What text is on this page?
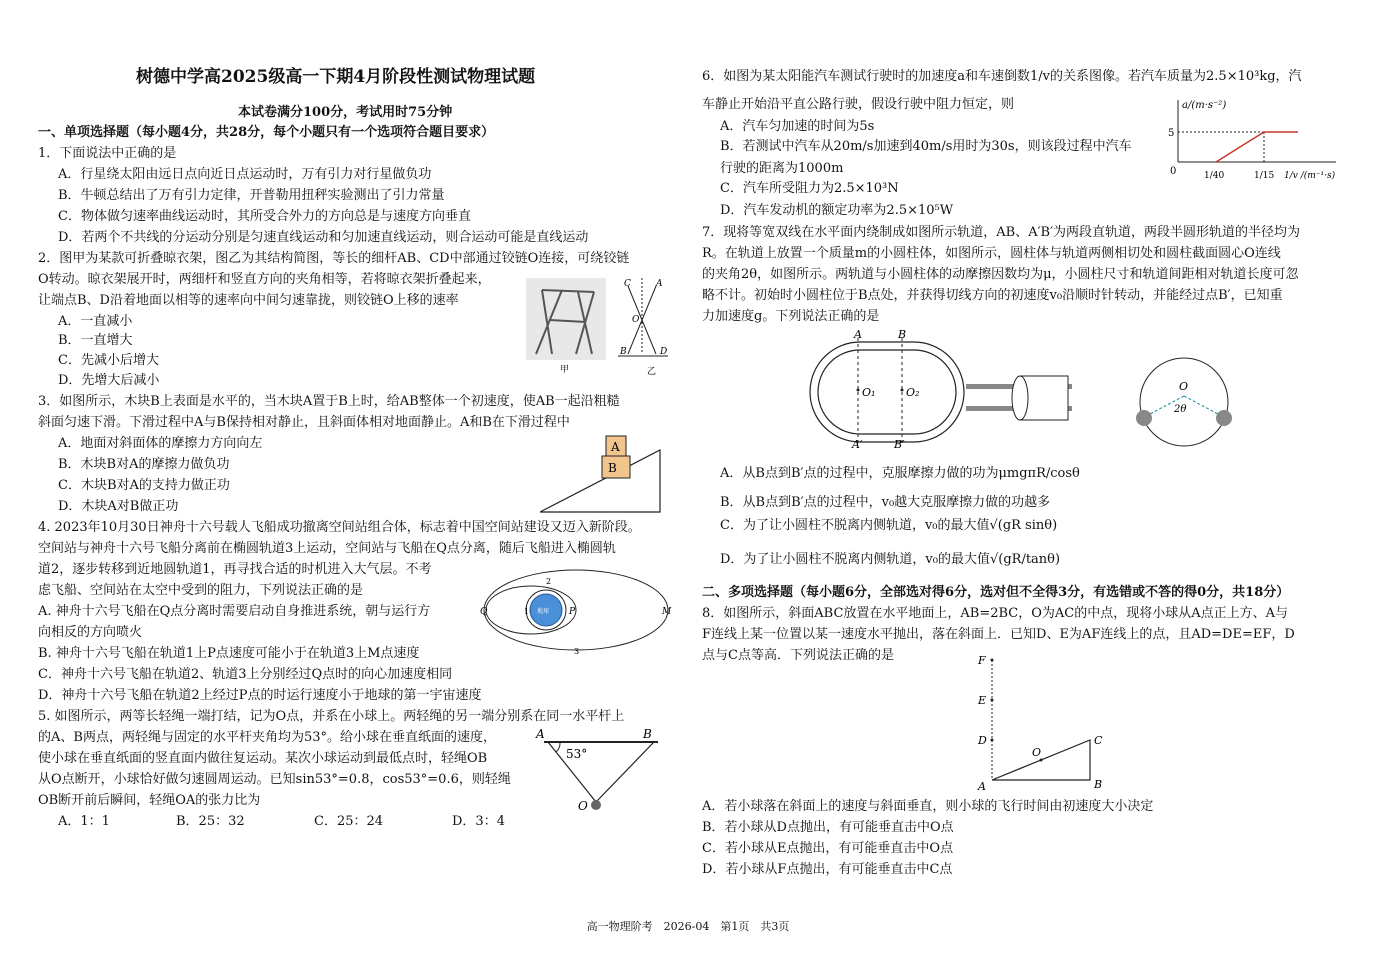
树德中学高2025级高一下期4月阶段性测试物理试题
本试卷满分100分，考试用时75分钟
一、单项选择题（每小题4分，共28分，每个小题只有一个选项符合题目要求）
1．下面说法中正确的是
A．行星绕太阳由远日点向近日点运动时，万有引力对行星做负功
B．牛顿总结出了万有引力定律，开普勒用扭秤实验测出了引力常量
C．物体做匀速率曲线运动时，其所受合外力的方向总是与速度方向垂直
D．若两个不共线的分运动分别是匀速直线运动和匀加速直线运动，则合运动可能是直线运动
2．图甲为某款可折叠晾衣架，图乙为其结构简图，等长的细杆AB、CD中部通过铰链O连接，可绕铰链
O转动。晾衣架展开时，两细杆和竖直方向的夹角相等，若将晾衣架折叠起来，
让端点B、D沿着地面以相等的速率向中间匀速靠拢，则铰链O上移的速率
A．一直减小
B．一直增大
C．先减小后增大
D．先增大后减小
甲	乙
C	A
O
B	D
3．如图所示，木块B上表面是水平的，当木块A置于B上时，给AB整体一个初速度，使AB一起沿粗糙
斜面匀速下滑。下滑过程中A与B保持相对静止，且斜面体相对地面静止。A和B在下滑过程中
A．地面对斜面体的摩擦力方向向左
B．木块B对A的摩擦力做负功
C．木块B对A的支持力做正功
D．木块A对B做正功
A
B
4. 2023年10月30日神舟十六号载人飞船成功撤离空间站组合体，标志着中国空间站建设又迈入新阶段。
空间站与神舟十六号飞船分离前在椭圆轨道3上运动，空间站与飞船在Q点分离，随后飞船进入椭圆轨
道2，逐步转移到近地圆轨道1，再寻找合适的时机进入大气层。不考
虑飞船、空间站在太空中受到的阻力，下列说法正确的是
A. 神舟十六号飞船在Q点分离时需要启动自身推进系统，朝与运行方
向相反的方向喷火
B. 神舟十六号飞船在轨道1上P点速度可能小于在轨道3上M点速度
C．神舟十六号飞船在轨道2、轨道3上分别经过Q点时的向心加速度相同
D．神舟十六号飞船在轨道2上经过P点的时运行速度小于地球的第一宇宙速度
Q	1 地球 P	M
2
3
5. 如图所示，两等长轻绳一端打结，记为O点，并系在小球上。两轻绳的另一端分别系在同一水平杆上
的A、B两点，两轻绳与固定的水平杆夹角均为53°。给小球在垂直纸面的速度，
使小球在垂直纸面的竖直面内做往复运动。某次小球运动到最低点时，轻绳OB
从O点断开，小球恰好做匀速圆周运动。已知sin53°=0.8，cos53°=0.6，则轻绳
OB断开前后瞬间，轻绳OA的张力比为
A．1：1	B．25：32	C．25：24	D．3：4
A	B
53°
O
6．如图为某太阳能汽车测试行驶时的加速度a和车速倒数1/v的关系图像。若汽车质量为2.5×10³kg，汽
车静止开始沿平直公路行驶，假设行驶中阻力恒定，则
A．汽车匀加速的时间为5s
B．若测试中汽车从20m/s加速到40m/s用时为30s，则该段过程中汽车
行驶的距离为1000m
C．汽车所受阻力为2.5×10³N
D．汽车发动机的额定功率为2.5×10⁵W
a/(m·s⁻²)
5
0	1/40	1/15 1/v /(m⁻¹·s)
7．现将等宽双线在水平面内绕制成如图所示轨道，AB、A′B′为两段直轨道，两段半圆形轨道的半径均为
R。在轨道上放置一个质量m的小圆柱体，如图所示，圆柱体与轨道两侧相切处和圆柱截面圆心O连线
的夹角2θ，如图所示。两轨道与小圆柱体的动摩擦因数均为μ，小圆柱尺寸和轨道间距相对轨道长度可忽
略不计。初始时小圆柱位于B点处，并获得切线方向的初速度v₀沿顺时针转动，并能经过点B′，已知重
力加速度g。下列说法正确的是
A	B
O₁	O₂
A′	B′
O
2θ
A．从B点到B′点的过程中，克服摩擦力做的功为μmgπR/cosθ
B．从B点到B′点的过程中，v₀越大克服摩擦力做的功越多
C．为了让小圆柱不脱离内侧轨道，v₀的最大值√(gR sinθ)
D．为了让小圆柱不脱离内侧轨道，v₀的最大值√(gR/tanθ)
二、多项选择题（每小题6分，全部选对得6分，选对但不全得3分，有选错或不答的得0分，共18分）
8．如图所示，斜面ABC放置在水平地面上，AB=2BC，O为AC的中点，现将小球从A点正上方、A与
F连线上某一位置以某一速度水平抛出，落在斜面上．已知D、E为AF连线上的点，且AD=DE=EF，D
点与C点等高．下列说法正确的是	F
E
D
O
C
A	B
A．若小球落在斜面上的速度与斜面垂直，则小球的飞行时间由初速度大小决定
B．若小球从D点抛出，有可能垂直击中O点
C．若小球从E点抛出，有可能垂直击中O点
D．若小球从F点抛出，有可能垂直击中C点
高一物理阶考　2026-04　第1页　共3页
